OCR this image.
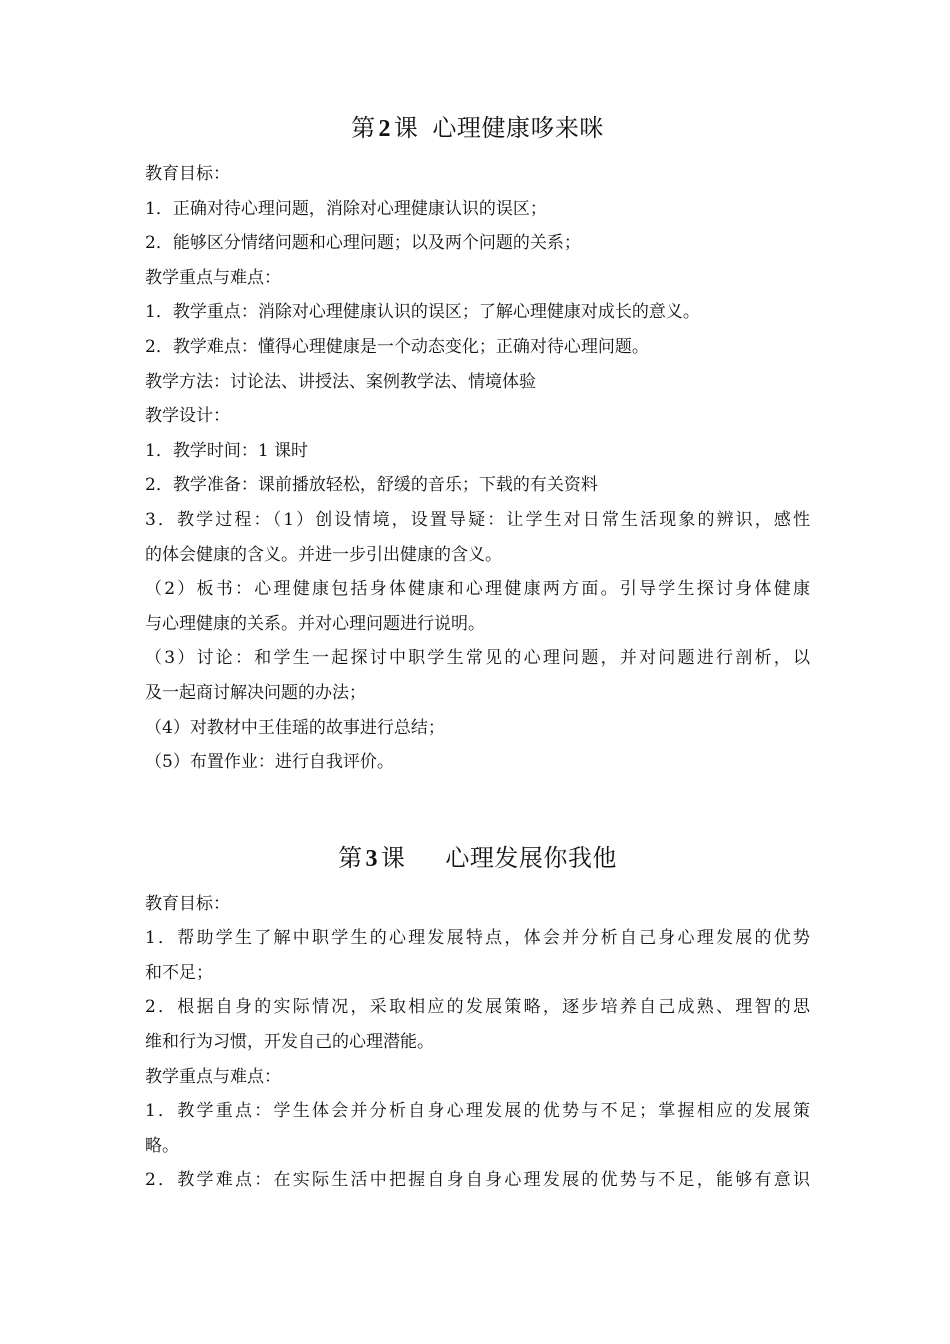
第  2  课 心理健康哆来咪

教育目标：

1．正确对待心理问题，消除对心理健康认识的误区；

2．能够区分情绪问题和心理问题；以及两个问题的关系；

教学重点与难点：

1．教学重点：消除对心理健康认识的误区；了解心理健康对成长的意义。

2．教学难点：懂得心理健康是一个动态变化；正确对待心理问题。

教学方法：讨论法、讲授法、案例教学法、情境体验

教学设计：

1．教学时间：1 课时

2．教学准备：课前播放轻松，舒缓的音乐；下载的有关资料

3．教学过程：（1）创设情境，设置导疑：让学生对日常生活现象的辨识，感性

的体会健康的含义。并进一步引出健康的含义。

（2）板书：心理健康包括身体健康和心理健康两方面。引导学生探讨身体健康

与心理健康的关系。并对心理问题进行说明。

（3）讨论：和学生一起探讨中职学生常见的心理问题，并对问题进行剖析，以

及一起商讨解决问题的办法；

（4）对教材中王佳瑶的故事进行总结；

（5）布置作业：进行自我评价。

第  3  课 心理发展你我他

教育目标：

1．帮助学生了解中职学生的心理发展特点，体会并分析自己身心理发展的优势

和不足；

2．根据自身的实际情况，采取相应的发展策略，逐步培养自己成熟、理智的思

维和行为习惯，开发自己的心理潜能。

教学重点与难点：

1．教学重点：学生体会并分析自身心理发展的优势与不足；掌握相应的发展策

略。

2．教学难点：在实际生活中把握自身自身心理发展的优势与不足，能够有意识
